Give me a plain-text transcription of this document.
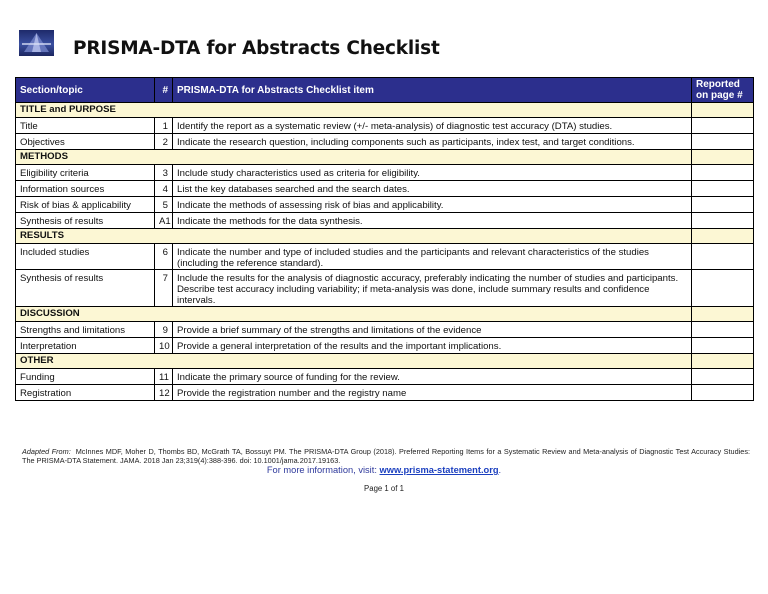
PRISMA-DTA for Abstracts Checklist
Section/topic	#	PRISMA-DTA for Abstracts Checklist item	Reported on page #
TITLE and PURPOSE			
Title	1	Identify the report as a systematic review (+/- meta-analysis) of diagnostic test accuracy (DTA) studies.	
Objectives	2	Indicate the research question, including components such as participants, index test, and target conditions.	
METHODS			
Eligibility criteria	3	Include study characteristics used as criteria for eligibility.	
Information sources	4	List the key databases searched and the search dates.	
Risk of bias & applicability	5	Indicate the methods of assessing risk of bias and applicability.	
Synthesis of results	A1	Indicate the methods for the data synthesis.	
RESULTS			
Included studies	6	Indicate the number and type of included studies and the participants and relevant characteristics of the studies (including the reference standard).	
Synthesis of results	7	Include the results for the analysis of diagnostic accuracy, preferably indicating the number of studies and participants. Describe test accuracy including variability; if meta-analysis was done, include summary results and confidence intervals.	
DISCUSSION			
Strengths and limitations	9	Provide a brief summary of the strengths and limitations of the evidence	
Interpretation	10	Provide a general interpretation of the results and the important implications.	
OTHER			
Funding	11	Indicate the primary source of funding for the review.	
Registration	12	Provide the registration number and the registry name	
Adapted From: McInnes MDF, Moher D, Thombs BD, McGrath TA, Bossuyt PM. The PRISMA-DTA Group (2018). Preferred Reporting Items for a Systematic Review and Meta-analysis of Diagnostic Test Accuracy Studies: The PRISMA-DTA Statement. JAMA. 2018 Jan 23;319(4):388-396. doi: 10.1001/jama.2017.19163.
For more information, visit: www.prisma-statement.org.
Page 1 of 1
